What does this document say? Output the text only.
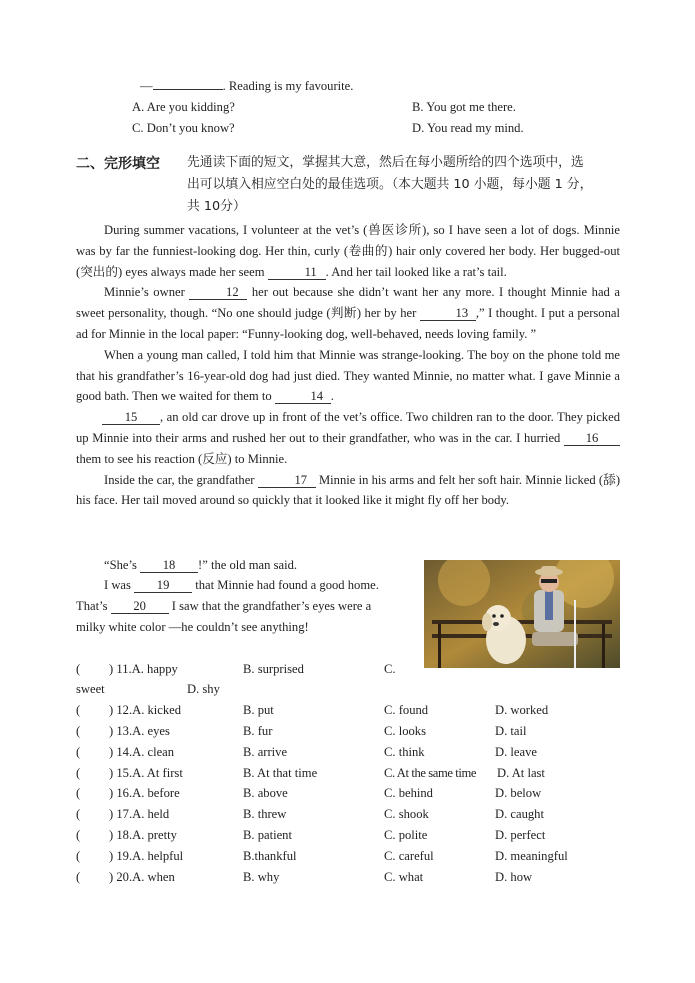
—	. Reading is my favourite.
A. Are you kidding?	B. You got me there.
C. Don’t you know?	D. You read my mind.
二、完形填空 先通读下面的短文，掌握其大意，然后在每小题所给的四个选项中，选
出可以填入相应空白处的最佳选项。（本大题共 10 小题，每小题 1 分，
共 10分）
During summer vacations, I volunteer at the vet’s (兽医诊所), so I have seen a lot of dogs. Minnie was by far the funniest-looking dog. Her thin, curly (卷曲的) hair only covered her body. Her bugged-out (突出的) eyes always made her seem	11 . And her tail looked like a rat’s tail.
Minnie’s owner	12 her out because she didn’t want her any more. I thought Minnie had a sweet personality, though. “No one should judge (判断) her by her	13 ,” I thought. I put a personal ad for Minnie in the local paper: “Funny-looking dog, well-behaved, needs loving family. ”
When a young man called, I told him that Minnie was strange-looking. The boy on the phone told me that his grandfather’s 16-year-old dog had just died. They wanted Minnie, no matter what. I gave Minnie a good bath. Then we waited for them to	14 .
15 , an old car drove up in front of the vet’s office. Two children ran to the door. They picked up Minnie into their arms and rushed her out to their grandfather, who was in the car. I hurried 16 them to see his reaction (反应) to Minnie.
Inside the car, the grandfather	17 Minnie in his arms and felt her soft hair. Minnie licked (舔) his face. Her tail moved around so quickly that it looked like it might fly off her body.
“She’s 18 !” the old man said.
I was 19 that Minnie had found a good home.
That’s 20 I saw that the grandfather’s eyes were a
milky white color —he couldn’t see anything!
( ) 11.A. happy	B. surprised	C.
sweet	D. shy
( ) 12.A. kicked	B. put	C. found	D. worked
( ) 13.A. eyes	B. fur	C. looks	D. tail
( ) 14.A. clean	B. arrive	C. think	D. leave
( ) 15.A. At first	B. At that time	C. At the same time D. At last
( ) 16.A. before	B. above	C. behind	D. below
( ) 17.A. held	B. threw	C. shook	D. caught
( ) 18.A. pretty	B. patient	C. polite	D. perfect
( ) 19.A. helpful	B.thankful	C. careful	D. meaningful
( ) 20.A. when	B. why	C. what	D. how
